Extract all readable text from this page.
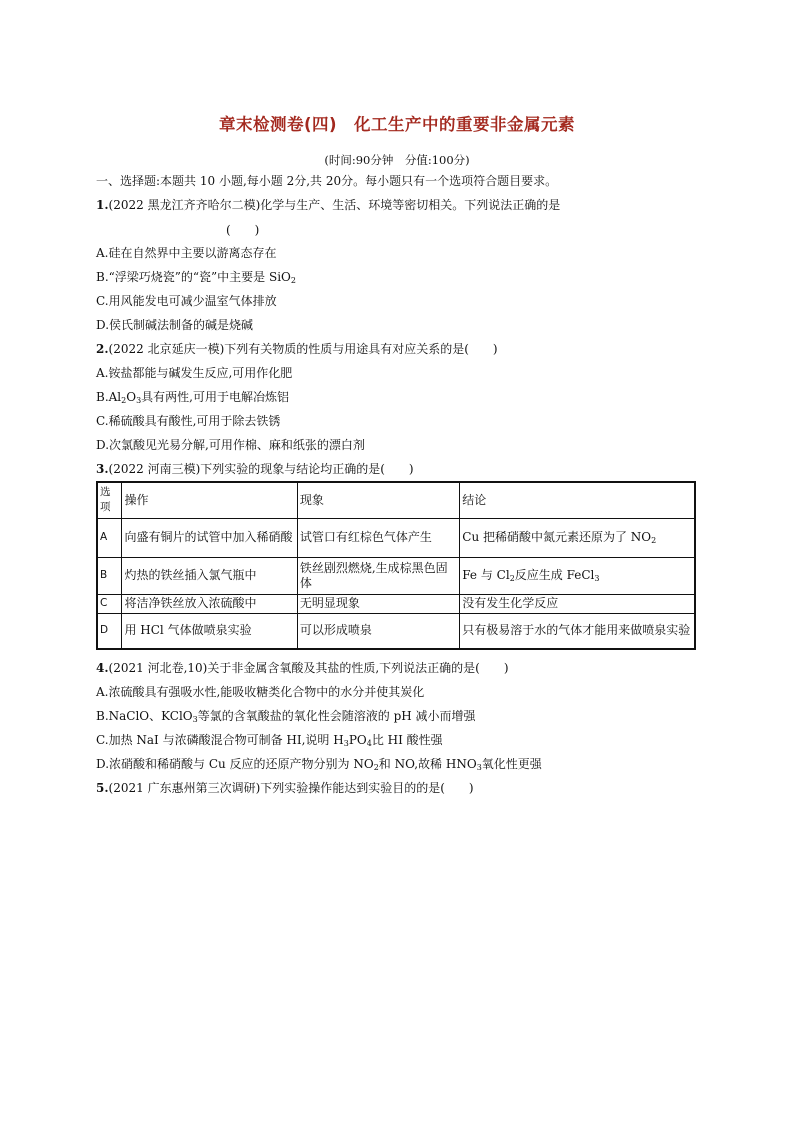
章末检测卷(四)　化工生产中的重要非金属元素
(时间:90分钟　分值:100分)
一、选择题:本题共 10 小题,每小题 2分,共 20分。每小题只有一个选项符合题目要求。
1.(2022 黑龙江齐齐哈尔二模)化学与生产、生活、环境等密切相关。下列说法正确的是
(　　)
A.硅在自然界中主要以游离态存在
B.“浮梁巧烧瓷”的“瓷”中主要是 SiO$_2$
C.用风能发电可减少温室气体排放
D.侯氏制碱法制备的碱是烧碱
2.(2022 北京延庆一模)下列有关物质的性质与用途具有对应关系的是(　　)
A.铵盐都能与碱发生反应,可用作化肥
$B.Al_2O_3$具有两性,可用于电解冶炼铝
C.稀硫酸具有酸性,可用于除去铁锈
D.次氯酸见光易分解,可用作棉、麻和纸张的漂白剂
3.(2022 河南三模)下列实验的现象与结论均正确的是(　　)
选项	操作	现象	结论
A	向盛有铜片的试管中加入稀硝酸	试管口有红棕色气体产生	Cu 把稀硝酸中氮元素还原为了 $NO_2$
B	灼热的铁丝插入氯气瓶中	铁丝剧烈燃烧,生成棕黑色固体	Fe 与 $Cl_2$反应生成 FeCl$_3$
C	将洁净铁丝放入浓硫酸中	无明显现象	没有发生化学反应
D	用 HCl 气体做喷泉实验	可以形成喷泉	只有极易溶于水的气体才能用来做喷泉实验
4.(2021 河北卷,10)关于非金属含氧酸及其盐的性质,下列说法正确的是(　　)
A.浓硫酸具有强吸水性,能吸收糖类化合物中的水分并使其炭化
B.NaClO、KClO$_3$等氯的含氧酸盐的氧化性会随溶液的 pH 减小而增强
C.加热 NaI 与浓磷酸混合物可制备 HI,说明 $H_3PO_4$比 HI 酸性强
D.浓硝酸和稀硝酸与 Cu 反应的还原产物分别为 $NO_2$和 NO,故稀 $HNO_3$氧化性更强
5.(2021 广东惠州第三次调研)下列实验操作能达到实验目的的是(　　)
